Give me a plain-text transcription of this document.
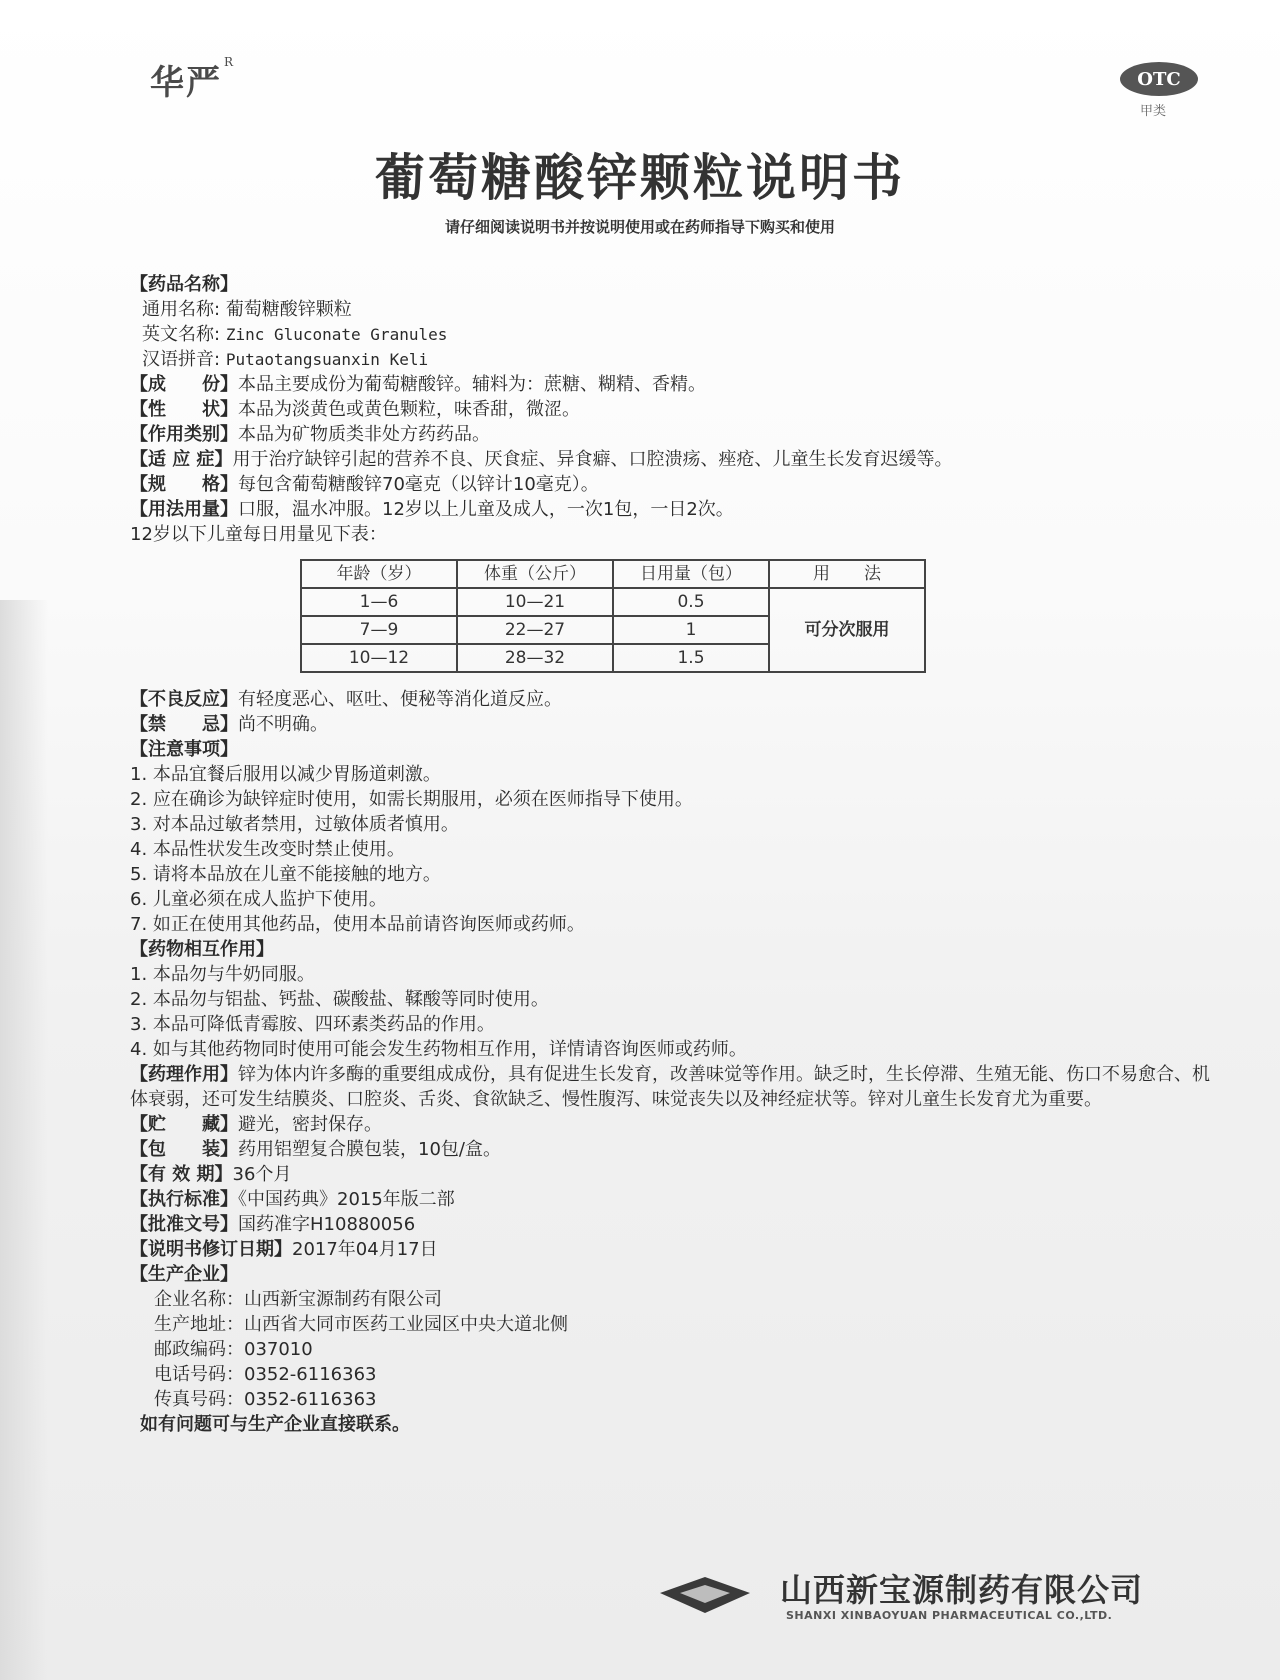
华严$^R$
OTC
甲类
葡萄糖酸锌颗粒说明书
请仔细阅读说明书并按说明使用或在药师指导下购买和使用
【药品名称】
通用名称: 葡萄糖酸锌颗粒
英文名称: Zinc Gluconate Granules
汉语拼音: Putaotangsuanxin Keli
【成　　份】本品主要成份为葡萄糖酸锌。辅料为：蔗糖、糊精、香精。
【性　　状】本品为淡黄色或黄色颗粒，味香甜，微涩。
【作用类别】本品为矿物质类非处方药药品。
【适 应 症】用于治疗缺锌引起的营养不良、厌食症、异食癖、口腔溃疡、痤疮、儿童生长发育迟缓等。
【规　　格】每包含葡萄糖酸锌70毫克（以锌计10毫克）。
【用法用量】口服，温水冲服。12岁以上儿童及成人，一次1包，一日2次。
12岁以下儿童每日用量见下表：
年龄（岁）	体重（公斤）	日用量（包）	用　　法
1—6	10—21	0.5	可分次服用
7—9	22—27	1	
10—12	28—32	1.5	
【不良反应】有轻度恶心、呕吐、便秘等消化道反应。
【禁　　忌】尚不明确。
【注意事项】
1. 本品宜餐后服用以减少胃肠道刺激。
2. 应在确诊为缺锌症时使用，如需长期服用，必须在医师指导下使用。
3. 对本品过敏者禁用，过敏体质者慎用。
4. 本品性状发生改变时禁止使用。
5. 请将本品放在儿童不能接触的地方。
6. 儿童必须在成人监护下使用。
7. 如正在使用其他药品，使用本品前请咨询医师或药师。
【药物相互作用】
1. 本品勿与牛奶同服。
2. 本品勿与铝盐、钙盐、碳酸盐、鞣酸等同时使用。
3. 本品可降低青霉胺、四环素类药品的作用。
4. 如与其他药物同时使用可能会发生药物相互作用，详情请咨询医师或药师。
【药理作用】锌为体内许多酶的重要组成成份，具有促进生长发育，改善味觉等作用。缺乏时，生长停滞、生殖无能、伤口不易愈合、机体衰弱，还可发生结膜炎、口腔炎、舌炎、食欲缺乏、慢性腹泻、味觉丧失以及神经症状等。锌对儿童生长发育尤为重要。
【贮　　藏】避光，密封保存。
【包　　装】药用铝塑复合膜包装，10包/盒。
【有 效 期】36个月
【执行标准】《中国药典》2015年版二部
【批准文号】国药准字H10880056
【说明书修订日期】2017年04月17日
【生产企业】
企业名称：山西新宝源制药有限公司
生产地址：山西省大同市医药工业园区中央大道北侧
邮政编码：037010
电话号码：0352-6116363
传真号码：0352-6116363
如有问题可与生产企业直接联系。
山西新宝源制药有限公司
SHANXI XINBAOYUAN PHARMACEUTICAL CO.,LTD.
